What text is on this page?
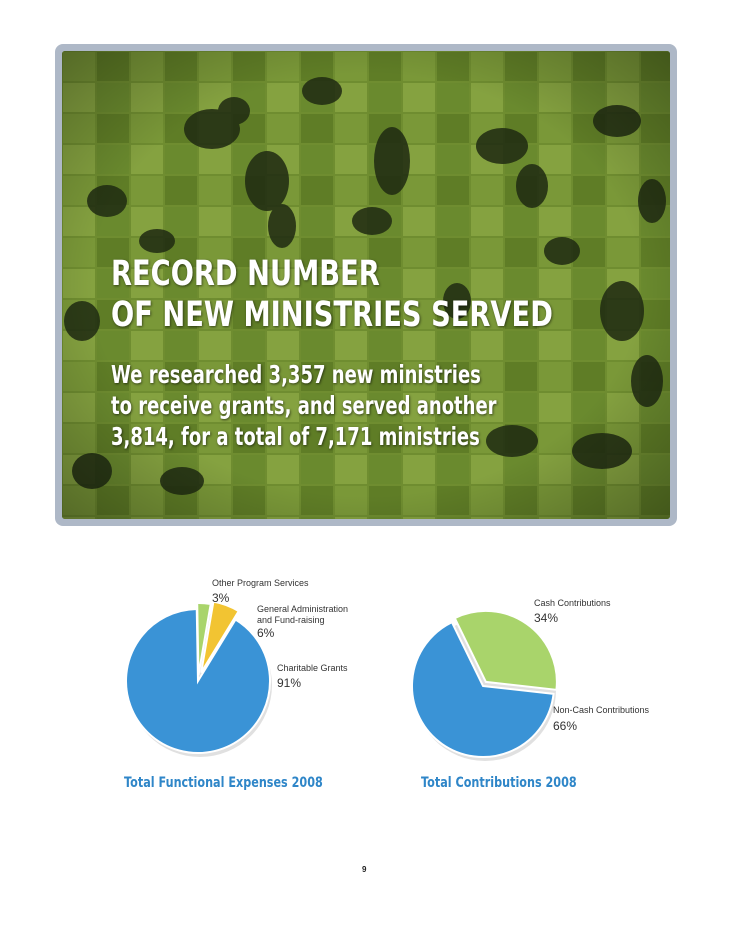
RECORD NUMBER
OF NEW MINISTRIES SERVED

We researched 3,357 new ministries
to receive grants, and served another
3,814, for a total of 7,171 ministries

Other Program Services
3%
General Administration
and Fund-raising
6%
Charitable Grants
91%
Total Functional Expenses 2008
Cash Contributions
34%
Non-Cash Contributions
66%
Total Contributions 2008
9
